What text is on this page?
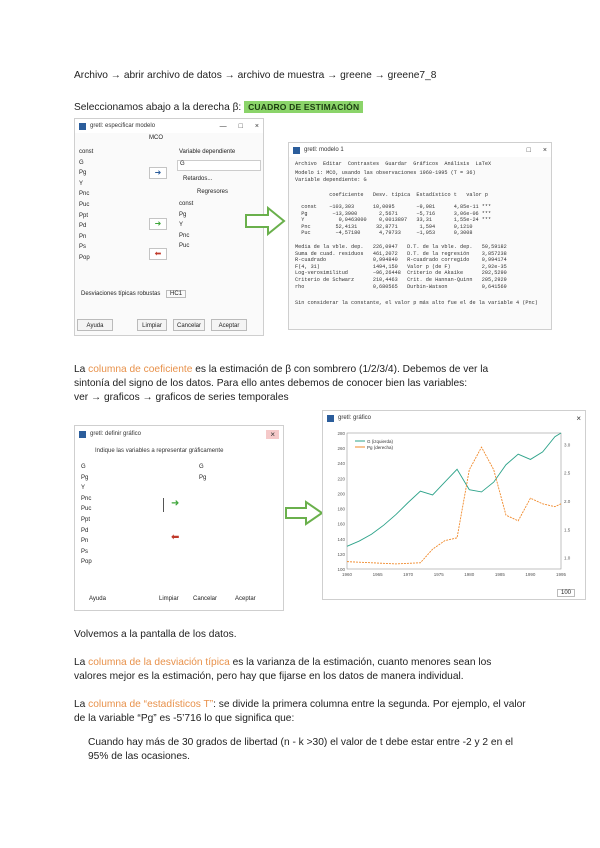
Archivo → abrir archivo de datos → archivo de muestra → greene → greene7_8
Seleccionamos abajo a la derecha β: CUADRO DE ESTIMACIÓN
gretl: especificar modelo	— □ ×
MCO
const
G
Pg
Y
Pnc
Puc
Ppt
Pd
Pn
Ps
Pop
➜
Variable dependiente
G
Retardos...
Regresores
const
Pg
Y
Pnc
Puc
➜
⬅
Desviaciones típicas robustas HC1
Ayuda	Limpiar	Cancelar	Aceptar
gretl: modelo 1	□ ×
Archivo  Editar  Contrastes  Guardar  Gráficos  Análisis  LaTeX
Modelo 1: MCO, usando las observaciones 1960-1995 (T = 36)
Variable dependiente: G
coeficiente   Desv. típica  Estadístico t   valor p
const    −103,303      10,0095       −9,981      4,85e-11 ***
Pg        −13,3900       2,5671      −5,716      3,06e-06 ***
Y           0,0463000    0,0013897   33,31       1,55e-24 ***
Pnc        52,4131      32,8771       1,594      0,1210
Puc        −4,57180      4,79733     −1,053      0,3008
Media de la vble. dep.   226,0947   D.T. de la vble. dep.   50,59182
Suma de cuad. residuos   461,2072   D.T. de la regresión    3,857238
R-cuadrado               0,994840   R-cuadrado corregido    0,994174
F(4, 31)                 1494,150   Valor p (de F)          2,92e-35
Log-verosimilitud        −96,26448  Criterio de Akaike      202,5290
Criterio de Schwarz      210,4463   Crit. de Hannan-Quinn   205,2929
rho                      0,680565   Durbin-Watson           0,641569
Sin considerar la constante, el valor p más alto fue el de la variable 4 (Pnc)
La columna de coeficiente es la estimación de β con sombrero (1/2/3/4). Debemos de ver la sintonía del signo de los datos. Para ello antes debemos de conocer bien las variables:
ver → graficos → graficos de series temporales
gretl: definir gráfico	×
Indique las variables a representar gráficamente
G
Pg
Y
Pnc
Puc
Ppt
Pd
Pn
Ps
Pop
G
Pg
➜
⬅
Ayuda	Limpiar Cancelar	Aceptar
gretl: gráfico	×
100
120
140
160
180
200
220
240
260
280
1.0
1.5
2.0
2.5
3.0
1960	1965	1970	1975	1980	1985	1990	1995
G (izquierda)
Pg (derecha)
100
Volvemos a la pantalla de los datos.
La columna de la desviación típica es la varianza de la estimación, cuanto menores sean los valores mejor es la estimación, pero hay que fijarse en los datos de manera individual.
La columna de “estadísticos T”: se divide la primera columna entre la segunda. Por ejemplo, el valor de la variable “Pg” es -5’716 lo que significa que:
Cuando hay más de 30 grados de libertad (n - k >30) el valor de t debe estar entre -2 y 2 en el 95% de las ocasiones.
